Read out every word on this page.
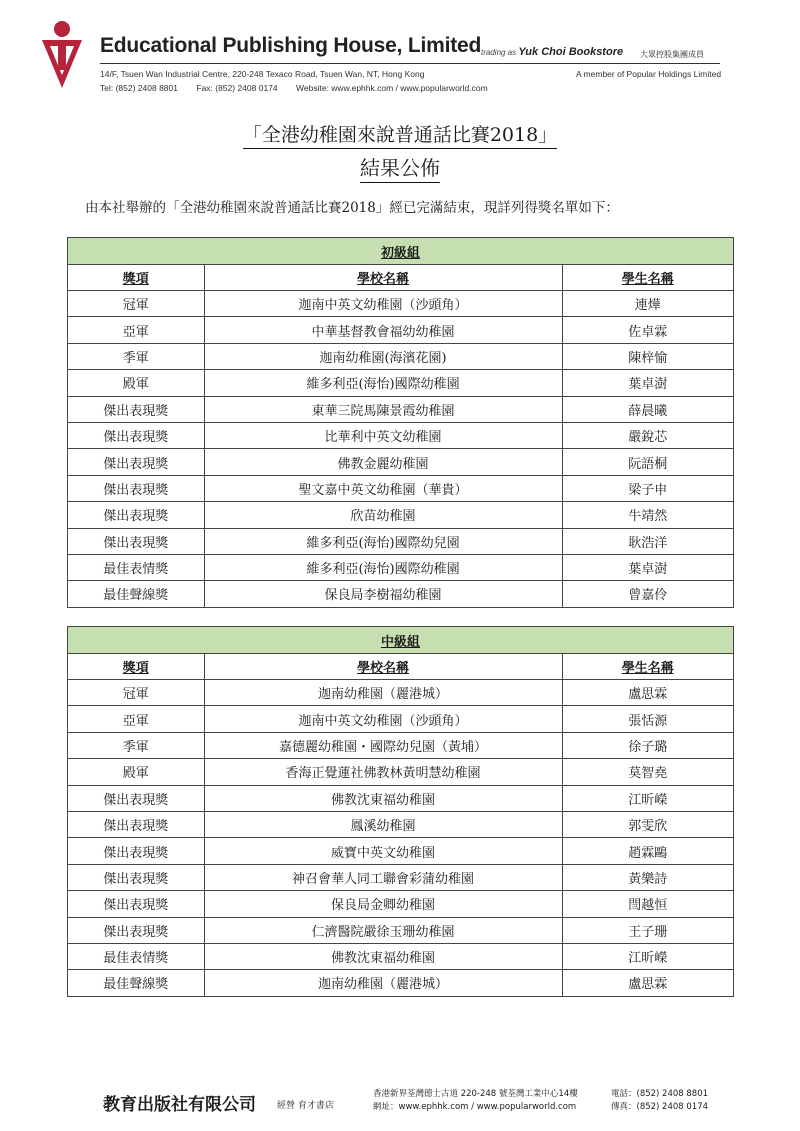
Educational Publishing House, Limited trading as Yuk Choi Bookstore 大眾控股集團成員
14/F, Tsuen Wan Industrial Centre, 220-248 Texaco Road, Tsuen Wan, NT, Hong Kong
Tel: (852) 2408 8801 Fax: (852) 2408 0174 Website: www.ephhk.com / www.popularworld.com
A member of Popular Holdings Limited
「全港幼稚園來說普通話比賽2018」
結果公佈
由本社舉辦的「全港幼稚園來說普通話比賽2018」經已完滿結束，現詳列得獎名單如下：
初級組		
獎項	學校名稱	學生名稱
冠軍	迦南中英文幼稚園（沙頭角）	連燁
亞軍	中華基督教會福幼幼稚園	佐卓霖
季軍	迦南幼稚園(海濱花園)	陳梓愉
殿軍	維多利亞(海怡)國際幼稚園	葉卓澍
傑出表現獎	東華三院馬陳景霞幼稚園	薛晨曦
傑出表現獎	比華利中英文幼稚園	嚴銳芯
傑出表現獎	佛教金麗幼稚園	阮語桐
傑出表現獎	聖文嘉中英文幼稚園（華貴）	梁子申
傑出表現獎	欣苗幼稚園	牛靖然
傑出表現獎	維多利亞(海怡)國際幼兒園	耿浩洋
最佳表情獎	維多利亞(海怡)國際幼稚園	葉卓澍
最佳聲線獎	保良局李樹福幼稚園	曾嘉伶
中級組		
獎項	學校名稱	學生名稱
冠軍	迦南幼稚園（麗港城）	盧思霖
亞軍	迦南中英文幼稚園（沙頭角）	張恬源
季軍	嘉德麗幼稚園・國際幼兒園（黃埔）	徐子璐
殿軍	香海正覺蓮社佛教林黃明慧幼稚園	莫智堯
傑出表現獎	佛教沈東福幼稚園	江昕嶸
傑出表現獎	鳳溪幼稚園	郭雯欣
傑出表現獎	威寶中英文幼稚園	趙霖鷗
傑出表現獎	神召會華人同工聯會彩蒲幼稚園	黃樂詩
傑出表現獎	保良局金卿幼稚園	閆越恒
傑出表現獎	仁濟醫院嚴徐玉珊幼稚園	王子珊
最佳表情獎	佛教沈東福幼稚園	江昕嶸
最佳聲線獎	迦南幼稚園（麗港城）	盧思霖
教育出版社有限公司 經營 育才書店
香港新界荃灣德士古道 220-248 號荃灣工業中心14樓
網址：www.ephhk.com / www.popularworld.com
電話：(852) 2408 8801
傳真：(852) 2408 0174
